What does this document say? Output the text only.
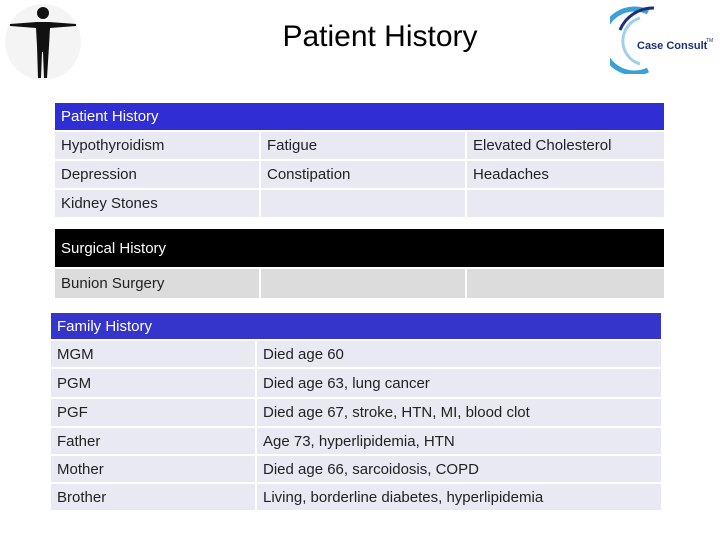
Patient History	Case Consult
TM
Patient History		
Hypothyroidism	Fatigue	Elevated Cholesterol
Depression	Constipation	Headaches
Kidney Stones		
Surgical History
Bunion Surgery		
Family History	
MGM	Died age 60
PGM	Died age 63, lung cancer
PGF	Died age 67, stroke, HTN, MI, blood clot
Father	Age 73, hyperlipidemia, HTN
Mother	Died age 66, sarcoidosis, COPD
Brother	Living, borderline diabetes, hyperlipidemia
